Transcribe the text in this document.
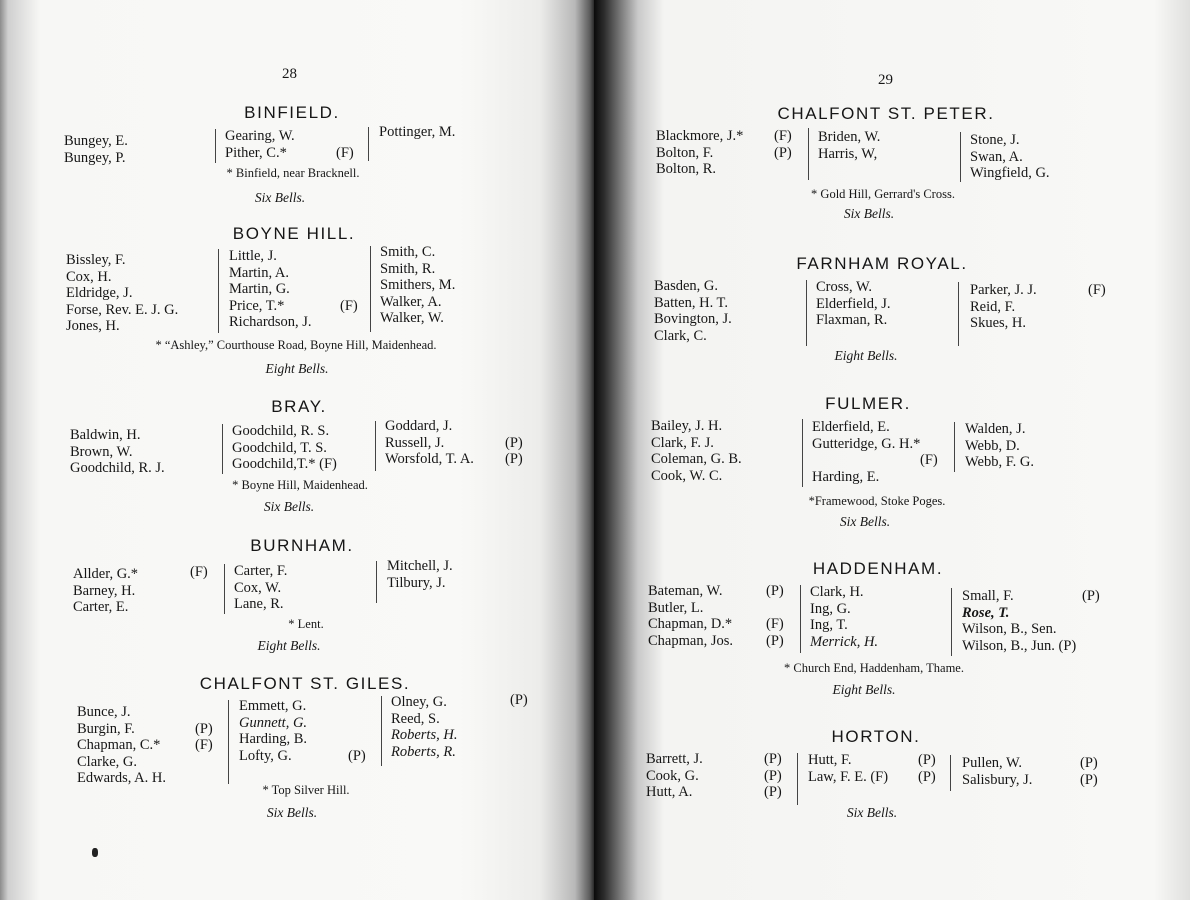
28
BINFIELD.
Bungey, E.
Bungey, P.
Gearing, W.
Pither, C.*	(F)
Pottinger, M.
* Binfield, near Bracknell.
Six Bells.
BOYNE HILL.
Bissley, F.
Cox, H.
Eldridge, J.
Forse, Rev. E. J. G.
Jones, H.
Little, J.
Martin, A.
Martin, G.
Price, T.*
Richardson, J.
(F)
Smith, C.
Smith, R.
Smithers, M.
Walker, A.
Walker, W.
* “Ashley,” Courthouse Road, Boyne Hill, Maidenhead.
Eight Bells.
BRAY.
Baldwin, H.
Brown, W.
Goodchild, R. J.
Goodchild, R. S.
Goodchild, T. S.
Goodchild,T.* (F)
Goddard, J.
Russell, J.
Worsfold, T. A.
(P)
(P)
* Boyne Hill, Maidenhead.
Six Bells.
BURNHAM.
Allder, G.*
Barney, H.
Carter, E.
(F) Carter, F.
Cox, W.
Lane, R.
Mitchell, J.
Tilbury, J.
* Lent.
Eight Bells.
CHALFONT ST. GILES.
Bunce, J.
Burgin, F.
Chapman, C.*
Clarke, G.
Edwards, A. H.
(P)
(F)
Emmett, G.
Gunnett, G.
Harding, B.
Lofty, G.	(P)
Olney, G.
Reed, S.
Roberts, H.
Roberts, R.
(P)
* Top Silver Hill.
Six Bells.
29
CHALFONT ST. PETER.
Blackmore, J.*
Bolton, F.
Bolton, R.
(F)
(P)
Briden, W.
Harris, W,
Stone, J.
Swan, A.
Wingfield, G.
* Gold Hill, Gerrard's Cross.
Six Bells.
FARNHAM ROYAL.
Basden, G.
Batten, H. T.
Bovington, J.
Clark, C.
Cross, W.
Elderfield, J.
Flaxman, R.
Parker, J. J.
Reid, F.
Skues, H.
(F)
Eight Bells.
FULMER.
Bailey, J. H.
Clark, F. J.
Coleman, G. B.
Cook, W. C.
Elderfield, E.
Gutteridge, G. H.*
(F)
Harding, E.
Walden, J.
Webb, D.
Webb, F. G.
*Framewood, Stoke Poges.
Six Bells.
HADDENHAM.
Bateman, W.
Butler, L.
Chapman, D.*
Chapman, Jos.
(P)
(F)
(P)
Clark, H.
Ing, G.
Ing, T.
Merrick, H.
Small, F.
Rose, T.
Wilson, B., Sen.
Wilson, B., Jun. (P)
(P)
* Church End, Haddenham, Thame.
Eight Bells.
HORTON.
Barrett, J.
Cook, G.
Hutt, A.
(P)
(P)
(P)
Hutt, F.
Law, F. E. (F)
(P)
(P)
Pullen, W.
Salisbury, J.
(P)
(P)
Six Bells.
